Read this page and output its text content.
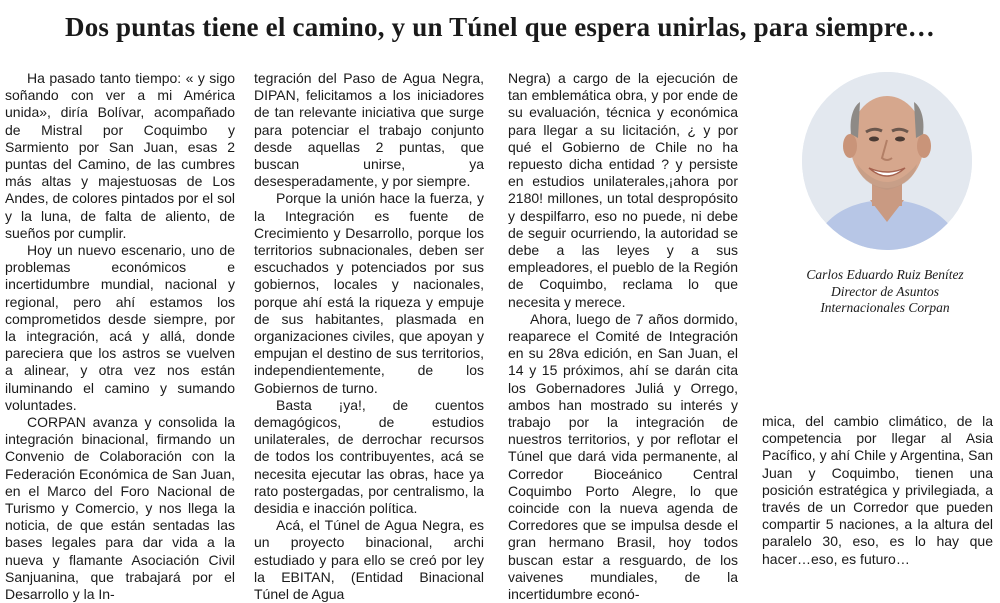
Dos puntas tiene el camino, y un Túnel que espera unirlas, para siempre…

Ha pasado tanto tiempo: « y sigo soñando con ver a mi América unida», diría Bolívar, acompañado de Mistral por Coquimbo y Sarmiento por San Juan, esas 2 puntas del Camino, de las cumbres más altas y majestuosas de Los Andes, de colores pintados por el sol y la luna, de falta de aliento, de sueños por cumplir.

Hoy un nuevo escenario, uno de problemas económicos e incertidumbre mundial, nacional y regional, pero ahí estamos los comprometidos desde siempre, por la integración, acá y allá, donde pareciera que los astros se vuelven a alinear, y otra vez nos están iluminando el camino y sumando voluntades.

CORPAN avanza y consolida la integración binacional, firmando un Convenio de Colaboración con la Federación Económica de San Juan, en el Marco del Foro Nacional de Turismo y Comercio, y nos llega la noticia, de que están sentadas las bases legales para dar vida a la nueva y flamante Asociación Civil Sanjuanina, que trabajará por el Desarrollo y la In-

tegración del Paso de Agua Negra, DIPAN, felicitamos a los iniciadores de tan relevante iniciativa que surge para potenciar el trabajo conjunto desde aquellas 2 puntas, que buscan unirse, ya desesperadamente, y por siempre.

Porque la unión hace la fuerza, y la Integración es fuente de Crecimiento y Desarrollo, porque los territorios subnacionales, deben ser escuchados y potenciados por sus gobiernos, locales y nacionales, porque ahí está la riqueza y empuje de sus habitantes, plasmada en organizaciones civiles, que apoyan y empujan el destino de sus territorios, independientemente, de los Gobiernos de turno.

Basta ¡ya!, de cuentos demagógicos, de estudios unilaterales, de derrochar recursos de todos los contribuyentes, acá se necesita ejecutar las obras, hace ya rato postergadas, por centralismo, la desidia e inacción política.

Acá, el Túnel de Agua Negra, es un proyecto binacional, archi estudiado y para ello se creó por ley la EBITAN, (Entidad Binacional Túnel de Agua

Negra) a cargo de la ejecución de tan emblemática obra, y por ende de su evaluación, técnica y económica para llegar a su licitación, ¿ y por qué el Gobierno de Chile no ha repuesto dicha entidad ? y persiste en estudios unilaterales,¡ahora por 2180! millones, un total despropósito y despilfarro, eso no puede, ni debe de seguir ocurriendo, la autoridad se debe a las leyes y a sus empleadores, el pueblo de la Región de Coquimbo, reclama lo que necesita y merece.

Ahora, luego de 7 años dormido, reaparece el Comité de Integración en su 28va edición, en San Juan, el 14 y 15 próximos, ahí se darán cita los Gobernadores Juliá y Orrego, ambos han mostrado su interés y trabajo por la integración de nuestros territorios, y por reflotar el Túnel que dará vida permanente, al Corredor Bioceánico Central Coquimbo Porto Alegre, lo que coincide con la nueva agenda de Corredores que se impulsa desde el gran hermano Brasil, hoy todos buscan estar a resguardo, de los vaivenes mundiales, de la incertidumbre econó-

Carlos Eduardo Ruiz Benítez
Director de Asuntos
Internacionales Corpan

mica, del cambio climático, de la competencia por llegar al Asia Pacífico, y ahí Chile y Argentina, San Juan y Coquimbo, tienen una posición estratégica y privilegiada, a través de un Corredor que pueden compartir 5 naciones, a la altura del paralelo 30, eso, es lo hay que hacer…eso, es futuro…
